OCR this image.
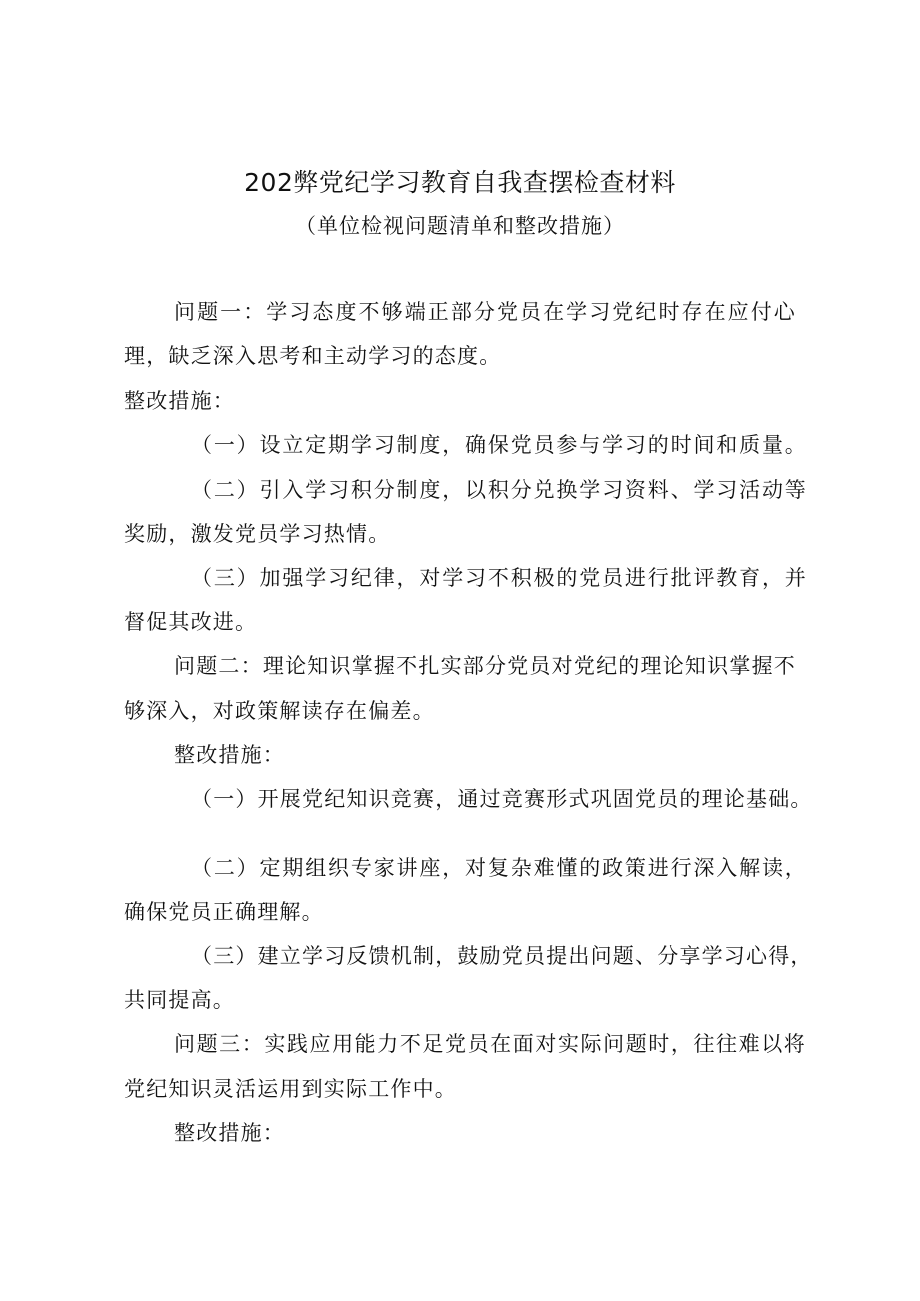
202弊党纪学习教育自我查摆检查材料
（单位检视问题清单和整改措施）
问题一：学习态度不够端正部分党员在学习党纪时存在应付心
理，缺乏深入思考和主动学习的态度。
整改措施：
（一）设立定期学习制度，确保党员参与学习的时间和质量。
（二）引入学习积分制度，以积分兑换学习资料、学习活动等
奖励，激发党员学习热情。
（三）加强学习纪律，对学习不积极的党员进行批评教育，并
督促其改进。
问题二：理论知识掌握不扎实部分党员对党纪的理论知识掌握不
够深入，对政策解读存在偏差。
整改措施：
（一）开展党纪知识竞赛，通过竞赛形式巩固党员的理论基础。
（二）定期组织专家讲座，对复杂难懂的政策进行深入解读，
确保党员正确理解。
（三）建立学习反馈机制，鼓励党员提出问题、分享学习心得，
共同提高。
问题三：实践应用能力不足党员在面对实际问题时，往往难以将
党纪知识灵活运用到实际工作中。
整改措施：
